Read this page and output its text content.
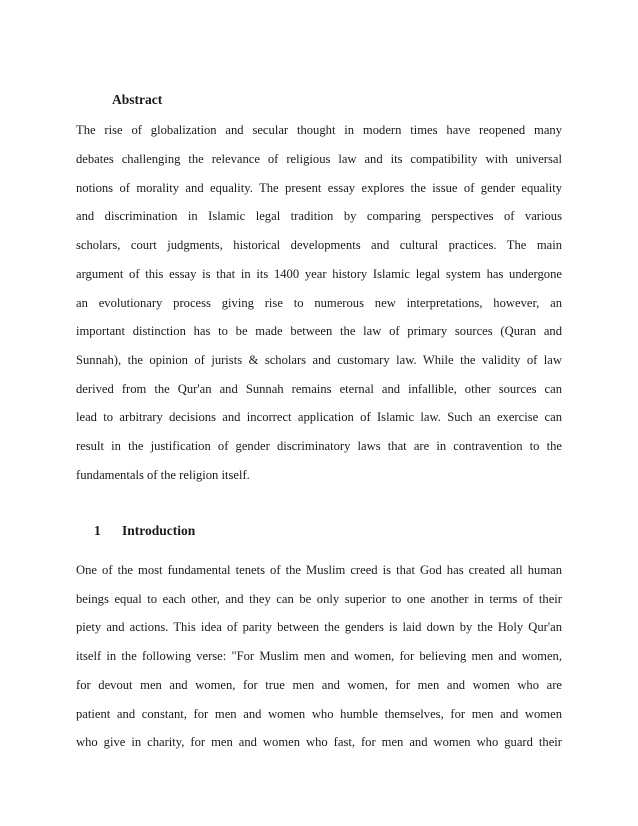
Abstract

The rise of globalization and secular thought in modern times have reopened many

debates challenging the relevance of religious law and its compatibility with universal

notions of morality and equality. The present essay explores the issue of gender equality

and discrimination in Islamic legal tradition by comparing perspectives of various

scholars, court judgments, historical developments and cultural practices. The main

argument of this essay is that in its 1400 year history Islamic legal system has undergone

an evolutionary process giving rise to numerous new interpretations, however, an

important distinction has to be made between the law of primary sources (Quran and

Sunnah), the opinion of jurists & scholars and customary law. While the validity of law

derived from the Qur'an and Sunnah remains eternal and infallible, other sources can

lead to arbitrary decisions and incorrect application of Islamic law. Such an exercise can

result in the justification of gender discriminatory laws that are in contravention to the

fundamentals of the religion itself.

1 Introduction

One of the most fundamental tenets of the Muslim creed is that God has created all human

beings equal to each other, and they can be only superior to one another in terms of their

piety and actions. This idea of parity between the genders is laid down by the Holy Qur'an

itself in the following verse: "For Muslim men and women, for believing men and women,

for devout men and women, for true men and women, for men and women who are

patient and constant, for men and women who humble themselves, for men and women

who give in charity, for men and women who fast, for men and women who guard their
